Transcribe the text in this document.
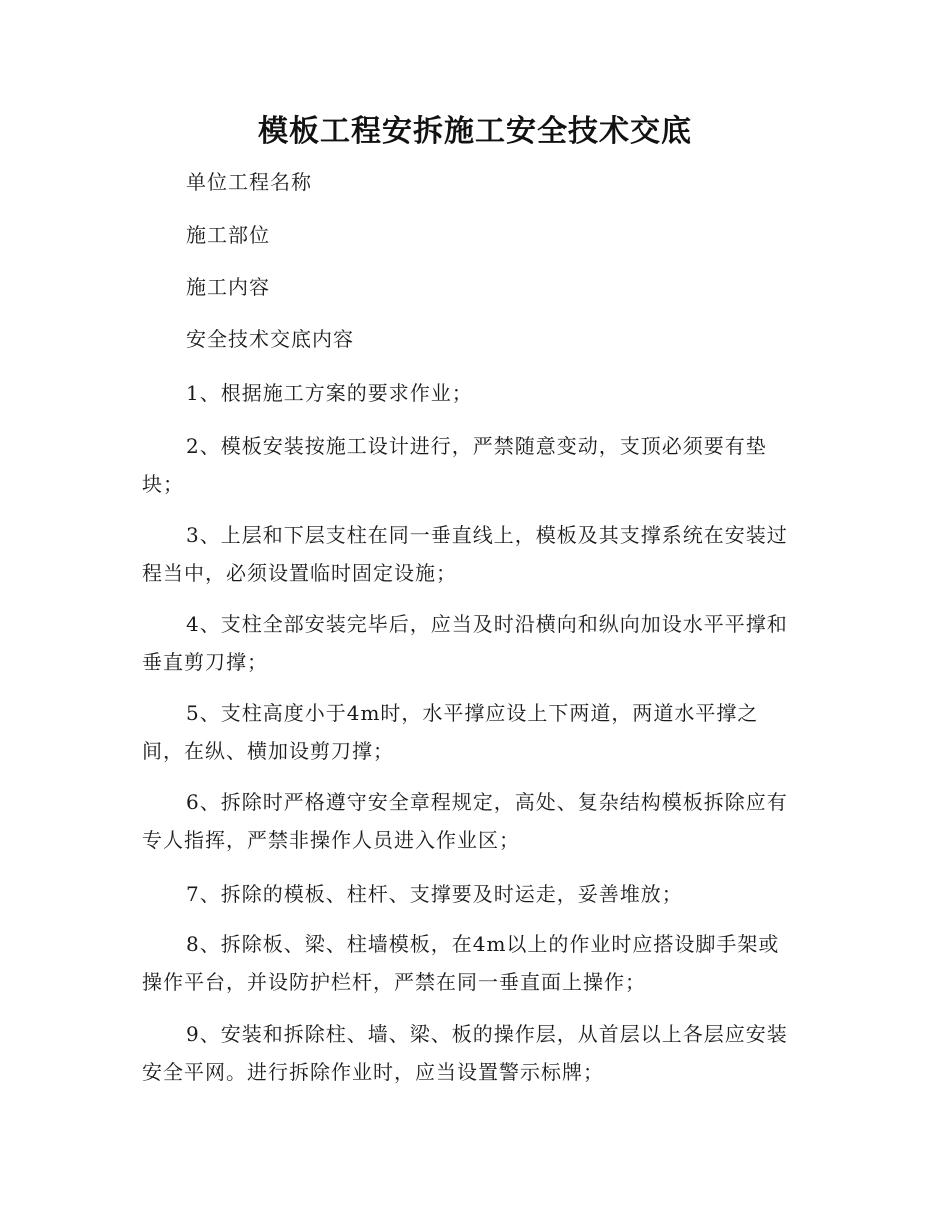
模板工程安拆施工安全技术交底
单位工程名称
施工部位
施工内容
安全技术交底内容
1、根据施工方案的要求作业；
2、模板安装按施工设计进行，严禁随意变动，支顶必须要有垫
块；
3、上层和下层支柱在同一垂直线上，模板及其支撑系统在安装过
程当中，必须设置临时固定设施；
4、支柱全部安装完毕后，应当及时沿横向和纵向加设水平平撑和
垂直剪刀撑；
5、支柱高度小于4m时，水平撑应设上下两道，两道水平撑之
间，在纵、横加设剪刀撑；
6、拆除时严格遵守安全章程规定，高处、复杂结构模板拆除应有
专人指挥，严禁非操作人员进入作业区；
7、拆除的模板、柱杆、支撑要及时运走，妥善堆放；
8、拆除板、梁、柱墙模板，在4m以上的作业时应搭设脚手架或
操作平台，并设防护栏杆，严禁在同一垂直面上操作；
9、安装和拆除柱、墙、梁、板的操作层，从首层以上各层应安装
安全平网。进行拆除作业时，应当设置警示标牌；
